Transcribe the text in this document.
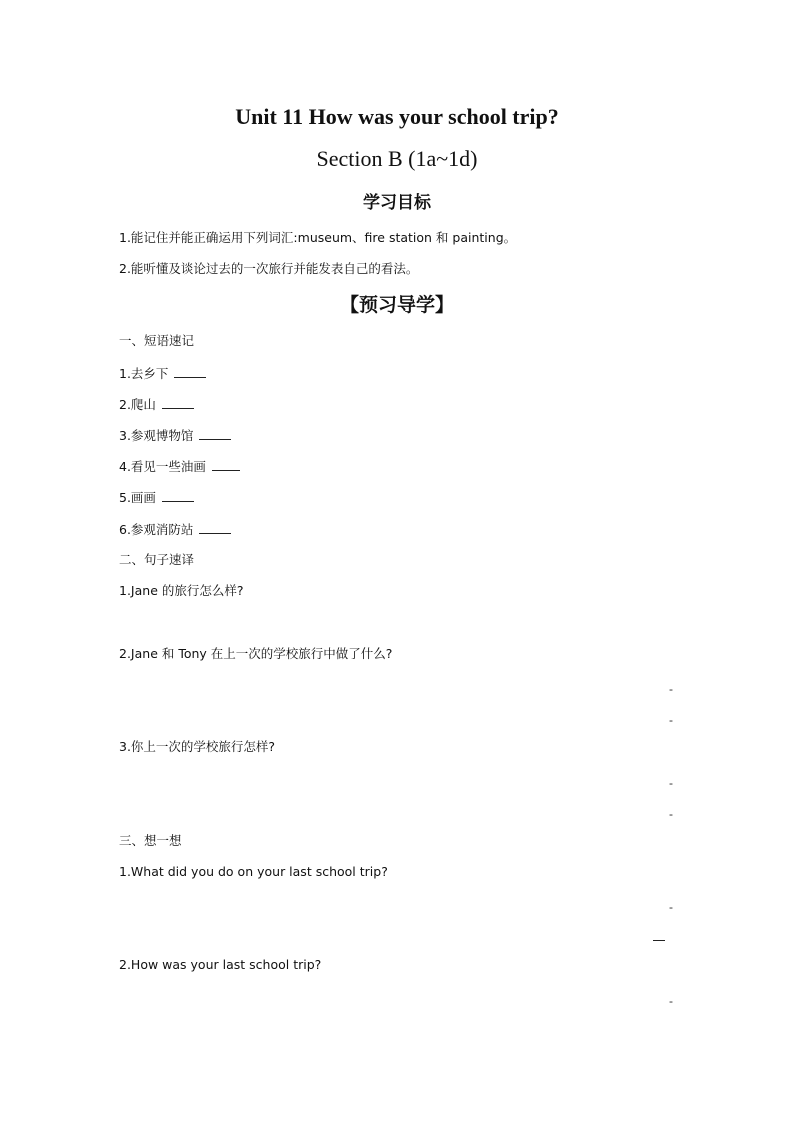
Unit 11 How was your school trip?
Section B (1a~1d)
学习目标
1.能记住并能正确运用下列词汇:museum、fire station 和 painting。
2.能听懂及谈论过去的一次旅行并能发表自己的看法。
【预习导学】
一、短语速记
1.去乡下
2.爬山
3.参观博物馆
4.看见一些油画
5.画画
6.参观消防站
二、句子速译
1.Jane 的旅行怎么样?
2.Jane 和 Tony 在上一次的学校旅行中做了什么?
-
-
3.你上一次的学校旅行怎样?
-
-
三、想一想
1.What did you do on your last school trip?
-
2.How was your last school trip?
-
